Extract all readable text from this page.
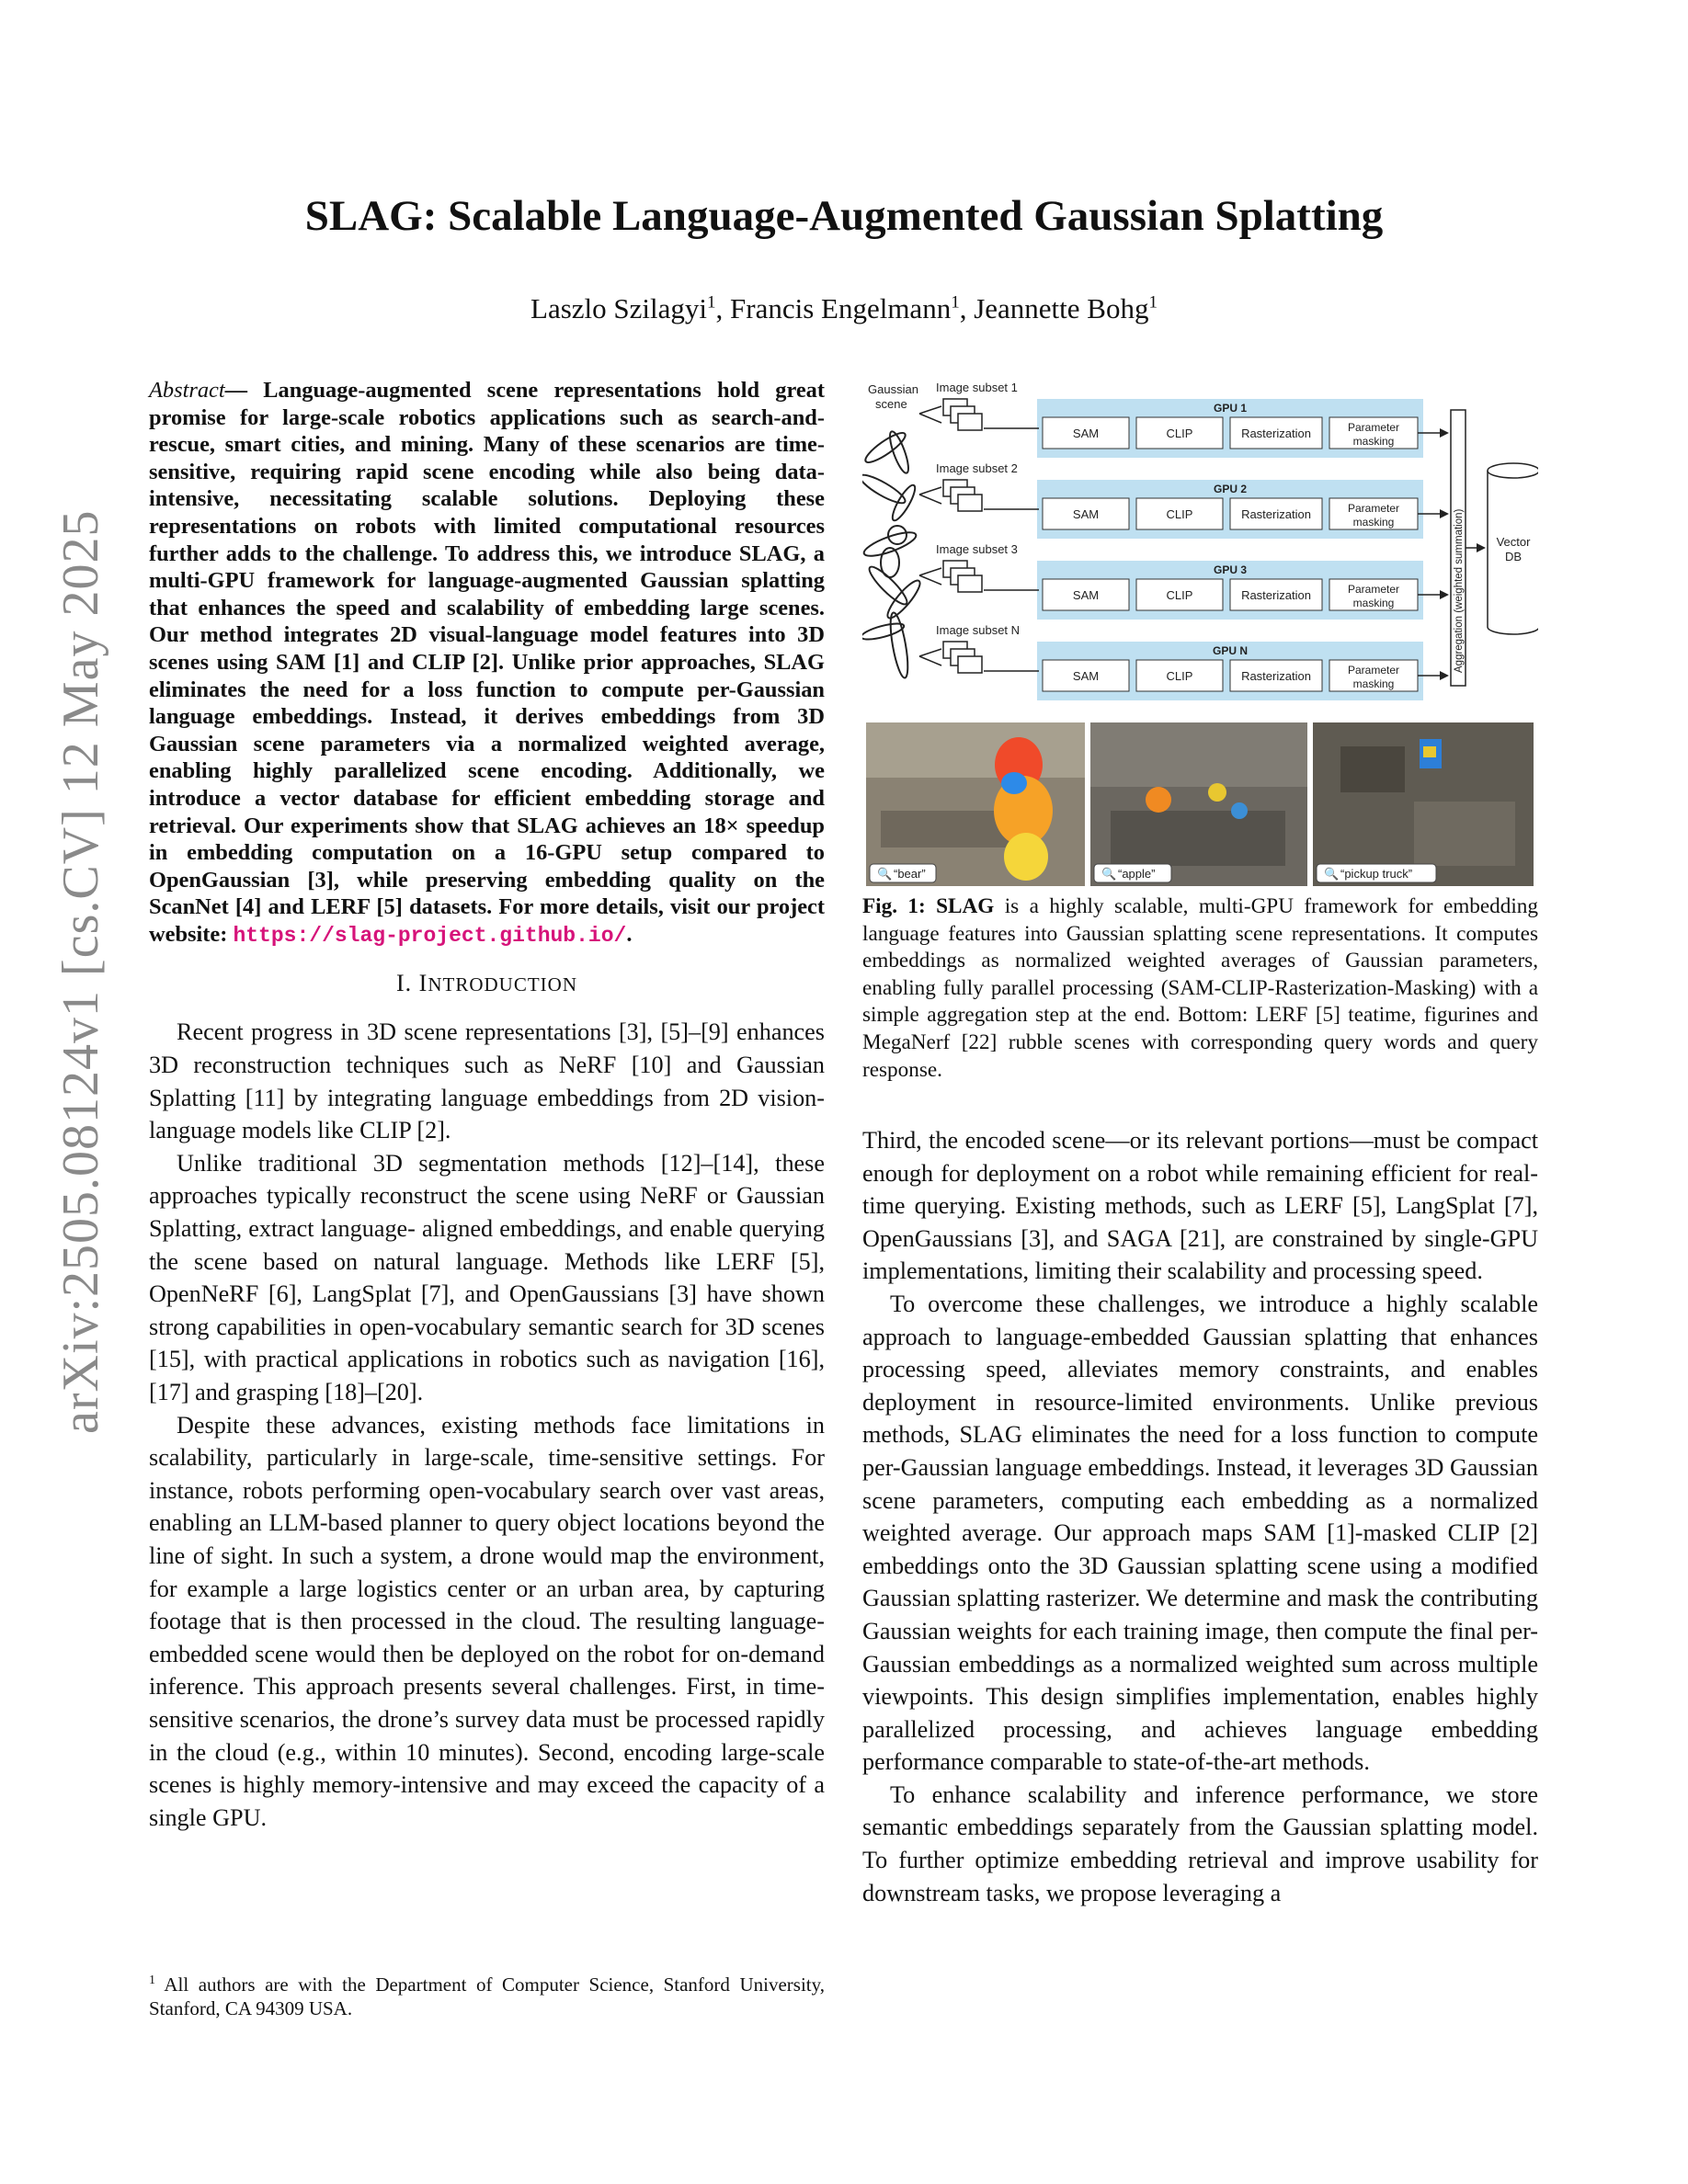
arXiv:2505.08124v1 [cs.CV] 12 May 2025
SLAG: Scalable Language-Augmented Gaussian Splatting
Laszlo Szilagyi$^1$, Francis Engelmann$^1$, Jeannette Bohg$^1$

Abstract— Language-augmented scene representations hold great promise for large-scale robotics applications such as search-and-rescue, smart cities, and mining. Many of these scenarios are time-sensitive, requiring rapid scene encoding while also being data-intensive, necessitating scalable solutions. Deploying these representations on robots with limited computational resources further adds to the challenge. To address this, we introduce SLAG, a multi-GPU framework for language-augmented Gaussian splatting that enhances the speed and scalability of embedding large scenes. Our method integrates 2D visual-language model features into 3D scenes using SAM [1] and CLIP [2]. Unlike prior approaches, SLAG eliminates the need for a loss function to compute per-Gaussian language embeddings. Instead, it derives embeddings from 3D Gaussian scene parameters via a normalized weighted average, enabling highly parallelized scene encoding. Additionally, we introduce a vector database for efficient embedding storage and retrieval. Our experiments show that SLAG achieves an 18× speedup in embedding computation on a 16-GPU setup compared to OpenGaussian [3], while preserving embedding quality on the ScanNet [4] and LERF [5] datasets. For more details, visit our project website: https://slag-project.github.io/.

I. INTRODUCTION

Recent progress in 3D scene representations [3], [5]–[9] enhances 3D reconstruction techniques such as NeRF [10] and Gaussian Splatting [11] by integrating language embeddings from 2D vision-language models like CLIP [2].

Unlike traditional 3D segmentation methods [12]–[14], these approaches typically reconstruct the scene using NeRF or Gaussian Splatting, extract language- aligned embeddings, and enable querying the scene based on natural language. Methods like LERF [5], OpenNeRF [6], LangSplat [7], and OpenGaussians [3] have shown strong capabilities in open-vocabulary semantic search for 3D scenes [15], with practical applications in robotics such as navigation [16], [17] and grasping [18]–[20].

Despite these advances, existing methods face limitations in scalability, particularly in large-scale, time-sensitive settings. For instance, robots performing open-vocabulary search over vast areas, enabling an LLM-based planner to query object locations beyond the line of sight. In such a system, a drone would map the environment, for example a large logistics center or an urban area, by capturing footage that is then processed in the cloud. The resulting language-embedded scene would then be deployed on the robot for on-demand inference. This approach presents several challenges. First, in time-sensitive scenarios, the drone’s survey data must be processed rapidly in the cloud (e.g., within 10 minutes). Second, encoding large-scale scenes is highly memory-intensive and may exceed the capacity of a single GPU.

$^1$ All authors are with the Department of Computer Science, Stanford University, Stanford, CA 94309 USA.
Gaussian
scene
Image subset 1
GPU 1
SAM	CLIP	Rasterization	Parameter
masking
Image subset 2
GPU 2
SAM	CLIP	Rasterization	Parameter
masking
Image subset 3
GPU 3
SAM	CLIP	Rasterization	Parameter
masking
Image subset N
GPU N
SAM	CLIP	Rasterization	Parameter
masking
Aggregation (weighted summation)	Vector
DB
🔍 “bear”	🔍 “apple”	🔍 “pickup truck”
Fig. 1: SLAG is a highly scalable, multi-GPU framework for embedding language features into Gaussian splatting scene representations. It computes embeddings as normalized weighted averages of Gaussian parameters, enabling fully parallel processing (SAM-CLIP-Rasterization-Masking) with a simple aggregation step at the end. Bottom: LERF [5] teatime, figurines and MegaNerf [22] rubble scenes with corresponding query words and query response.

Third, the encoded scene—or its relevant portions—must be compact enough for deployment on a robot while remaining efficient for real-time querying. Existing methods, such as LERF [5], LangSplat [7], OpenGaussians [3], and SAGA [21], are constrained by single-GPU implementations, limiting their scalability and processing speed.

To overcome these challenges, we introduce a highly scalable approach to language-embedded Gaussian splatting that enhances processing speed, alleviates memory constraints, and enables deployment in resource-limited environments. Unlike previous methods, SLAG eliminates the need for a loss function to compute per-Gaussian language embeddings. Instead, it leverages 3D Gaussian scene parameters, computing each embedding as a normalized weighted average. Our approach maps SAM [1]-masked CLIP [2] embeddings onto the 3D Gaussian splatting scene using a modified Gaussian splatting rasterizer. We determine and mask the contributing Gaussian weights for each training image, then compute the final per-Gaussian embeddings as a normalized weighted sum across multiple viewpoints. This design simplifies implementation, enables highly parallelized processing, and achieves language embedding performance comparable to state-of-the-art methods.

To enhance scalability and inference performance, we store semantic embeddings separately from the Gaussian splatting model. To further optimize embedding retrieval and improve usability for downstream tasks, we propose leveraging a
